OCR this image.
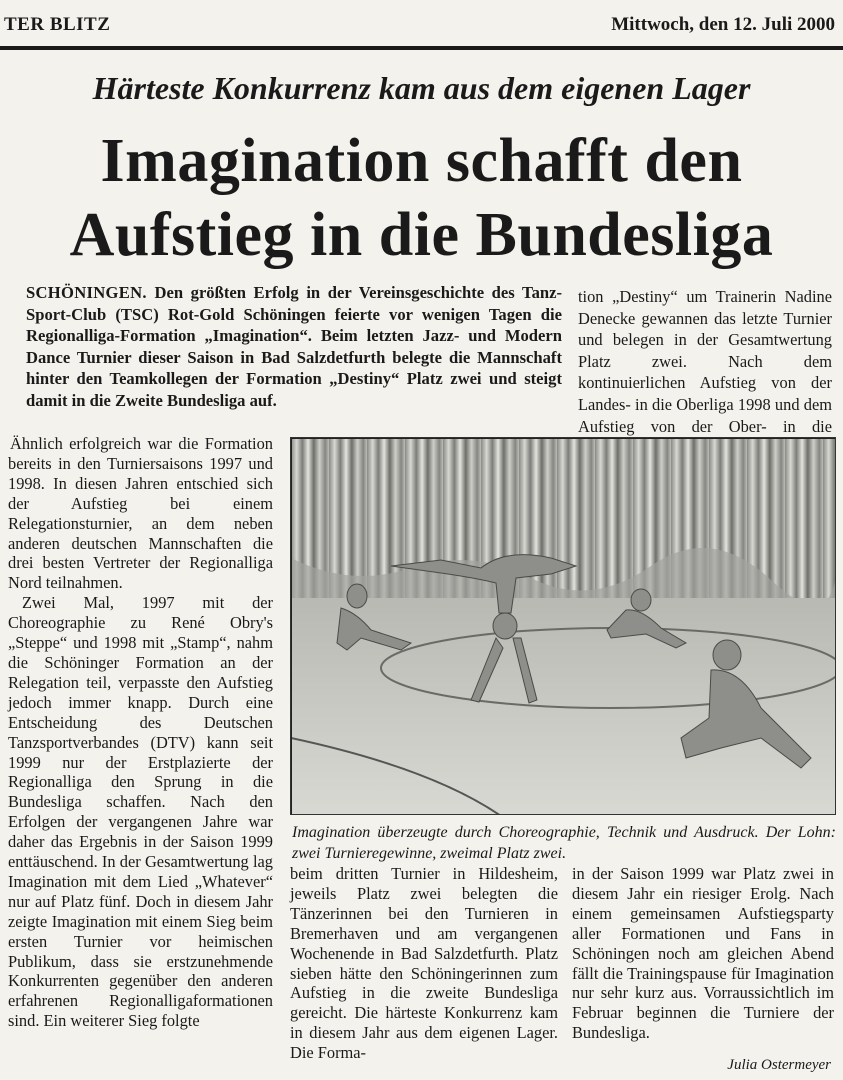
TER BLITZ	Mittwoch, den 12. Juli 2000
Härteste Konkurrenz kam aus dem eigenen Lager
Imagination schafft den
Aufstieg in die Bundesliga
SCHÖNINGEN. Den größten Erfolg in der Vereinsgeschichte des Tanz-Sport-Club (TSC) Rot-Gold Schöningen feierte vor wenigen Tagen die Regionalliga-Formation „Imagination“. Beim letzten Jazz- und Modern Dance Turnier dieser Saison in Bad Salzdetfurth belegte die Mannschaft hinter den Teamkollegen der Formation „Destiny“ Platz zwei und steigt damit in die Zweite Bundesliga auf.
tion „Destiny“ um Trainerin Nadine Denecke gewannen das letzte Turnier und belegen in der Gesamtwertung Platz zwei. Nach dem kontinuierlichen Aufstieg von der Landes- in die Oberliga 1998 und dem Aufstieg von der Ober- in die

Ähnlich erfolgreich war die Formation bereits in den Turniersaisons 1997 und 1998. In diesen Jahren entschied sich der Aufstieg bei einem Relegationsturnier, an dem neben anderen deutschen Mannschaften die drei besten Vertreter der Regionalliga Nord teilnahmen.

Zwei Mal, 1997 mit der Choreographie zu René Obry's „Steppe“ und 1998 mit „Stamp“, nahm die Schöninger Formation an der Relegation teil, verpasste den Aufstieg jedoch immer knapp. Durch eine Entscheidung des Deutschen Tanzsportverbandes (DTV) kann seit 1999 nur der Erstplazierte der Regionalliga den Sprung in die Bundesliga schaffen. Nach den Erfolgen der vergangenen Jahre war daher das Ergebnis in der Saison 1999 enttäuschend. In der Gesamtwertung lag Imagination mit dem Lied „Whatever“ nur auf Platz fünf. Doch in diesem Jahr zeigte Imagination mit einem Sieg beim ersten Turnier vor heimischen Publikum, dass sie erstzunehmende Konkurrenten gegenüber den anderen erfahrenen Regionalligaformationen sind. Ein weiterer Sieg folgte

Imagination überzeugte durch Choreographie, Technik und Ausdruck. Der Lohn: zwei Turnieregewinne, zweimal Platz zwei.
beim dritten Turnier in Hildesheim, jeweils Platz zwei belegten die Tänzerinnen bei den Turnieren in Bremerhaven und am vergangenen Wochenende in Bad Salzdetfurth. Platz sieben hätte den Schöningerinnen zum Aufstieg in die zweite Bundesliga gereicht. Die härteste Konkurrenz kam in diesem Jahr aus dem eigenen Lager. Die Forma-
in der Saison 1999 war Platz zwei in diesem Jahr ein riesiger Erolg. Nach einem gemeinsamen Aufstiegsparty aller Formationen und Fans in Schöningen noch am gleichen Abend fällt die Trainingspause für Imagination nur sehr kurz aus. Vorraussichtlich im Februar beginnen die Turniere der Bundesliga.
Julia Ostermeyer
